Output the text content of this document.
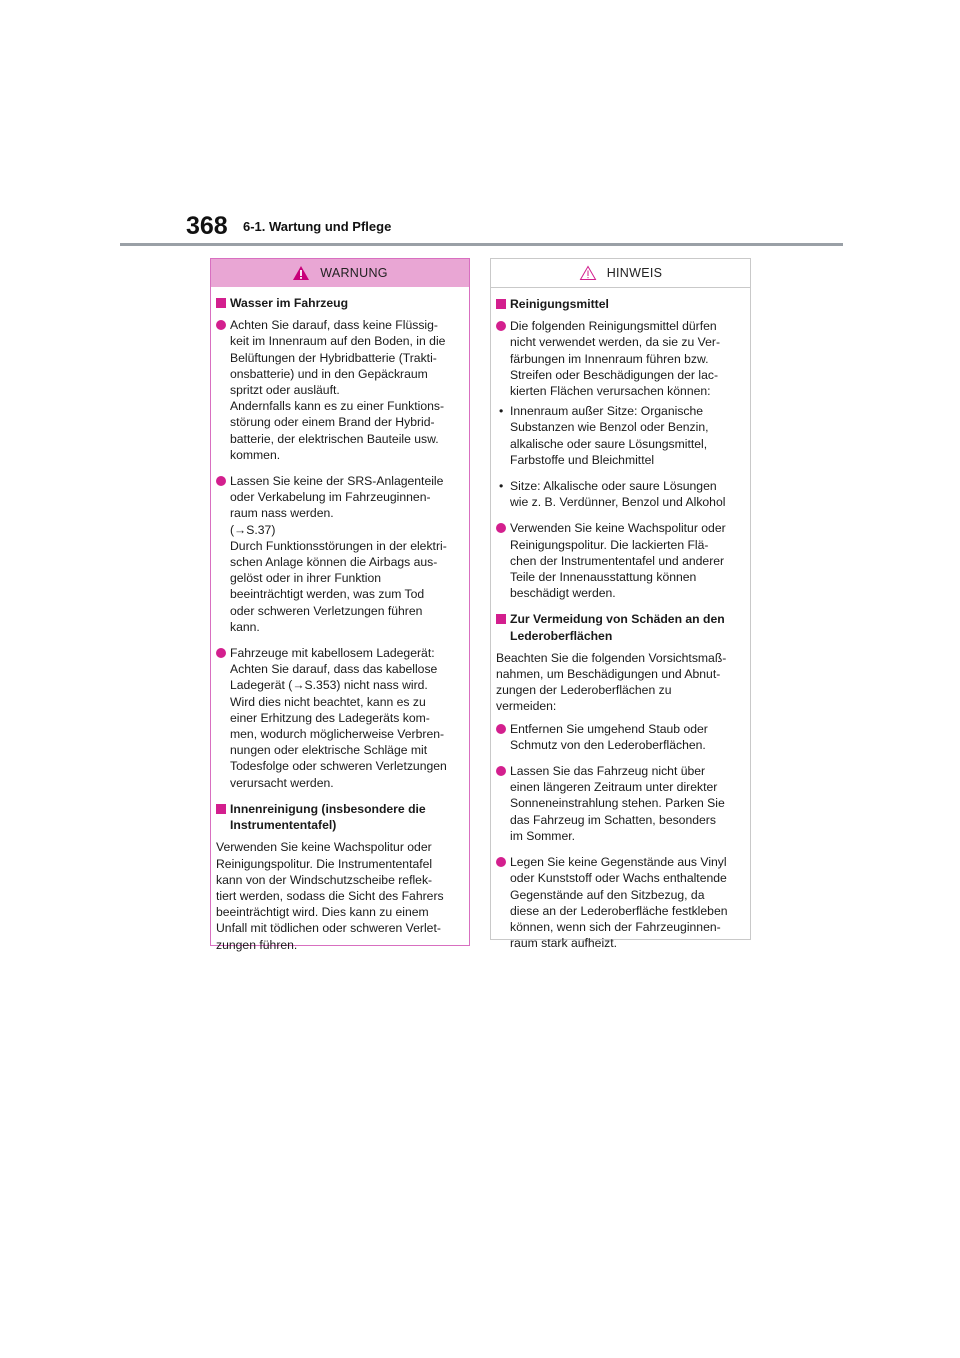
368 6-1. Wartung und Pflege
WARNUNG
Wasser im Fahrzeug
Achten Sie darauf, dass keine Flüssig-
keit im Innenraum auf den Boden, in die
Belüftungen der Hybridbatterie (Trakti-
onsbatterie) und in den Gepäckraum
spritzt oder ausläuft.
Andernfalls kann es zu einer Funktions-
störung oder einem Brand der Hybrid-
batterie, der elektrischen Bauteile usw.
kommen.
Lassen Sie keine der SRS-Anlagenteile
oder Verkabelung im Fahrzeuginnen-
raum nass werden.
(→S.37)
Durch Funktionsstörungen in der elektri-
schen Anlage können die Airbags aus-
gelöst oder in ihrer Funktion
beeinträchtigt werden, was zum Tod
oder schweren Verletzungen führen
kann.
Fahrzeuge mit kabellosem Ladegerät:
Achten Sie darauf, dass das kabellose
Ladegerät (→S.353) nicht nass wird.
Wird dies nicht beachtet, kann es zu
einer Erhitzung des Ladegeräts kom-
men, wodurch möglicherweise Verbren-
nungen oder elektrische Schläge mit
Todesfolge oder schweren Verletzungen
verursacht werden.
Innenreinigung (insbesondere die
Instrumententafel)
Verwenden Sie keine Wachspolitur oder
Reinigungspolitur. Die Instrumententafel
kann von der Windschutzscheibe reflek-
tiert werden, sodass die Sicht des Fahrers
beeinträchtigt wird. Dies kann zu einem
Unfall mit tödlichen oder schweren Verlet-
zungen führen.
HINWEIS
Reinigungsmittel
Die folgenden Reinigungsmittel dürfen
nicht verwendet werden, da sie zu Ver-
färbungen im Innenraum führen bzw.
Streifen oder Beschädigungen der lac-
kierten Flächen verursachen können:
• Innenraum außer Sitze: Organische
Substanzen wie Benzol oder Benzin,
alkalische oder saure Lösungsmittel,
Farbstoffe und Bleichmittel
• Sitze: Alkalische oder saure Lösungen
wie z. B. Verdünner, Benzol und Alkohol
Verwenden Sie keine Wachspolitur oder
Reinigungspolitur. Die lackierten Flä-
chen der Instrumententafel und anderer
Teile der Innenausstattung können
beschädigt werden.
Zur Vermeidung von Schäden an den
Lederoberflächen
Beachten Sie die folgenden Vorsichtsmaß-
nahmen, um Beschädigungen und Abnut-
zungen der Lederoberflächen zu
vermeiden:
Entfernen Sie umgehend Staub oder
Schmutz von den Lederoberflächen.
Lassen Sie das Fahrzeug nicht über
einen längeren Zeitraum unter direkter
Sonneneinstrahlung stehen. Parken Sie
das Fahrzeug im Schatten, besonders
im Sommer.
Legen Sie keine Gegenstände aus Vinyl
oder Kunststoff oder Wachs enthaltende
Gegenstände auf den Sitzbezug, da
diese an der Lederoberfläche festkleben
können, wenn sich der Fahrzeuginnen-
raum stark aufheizt.
